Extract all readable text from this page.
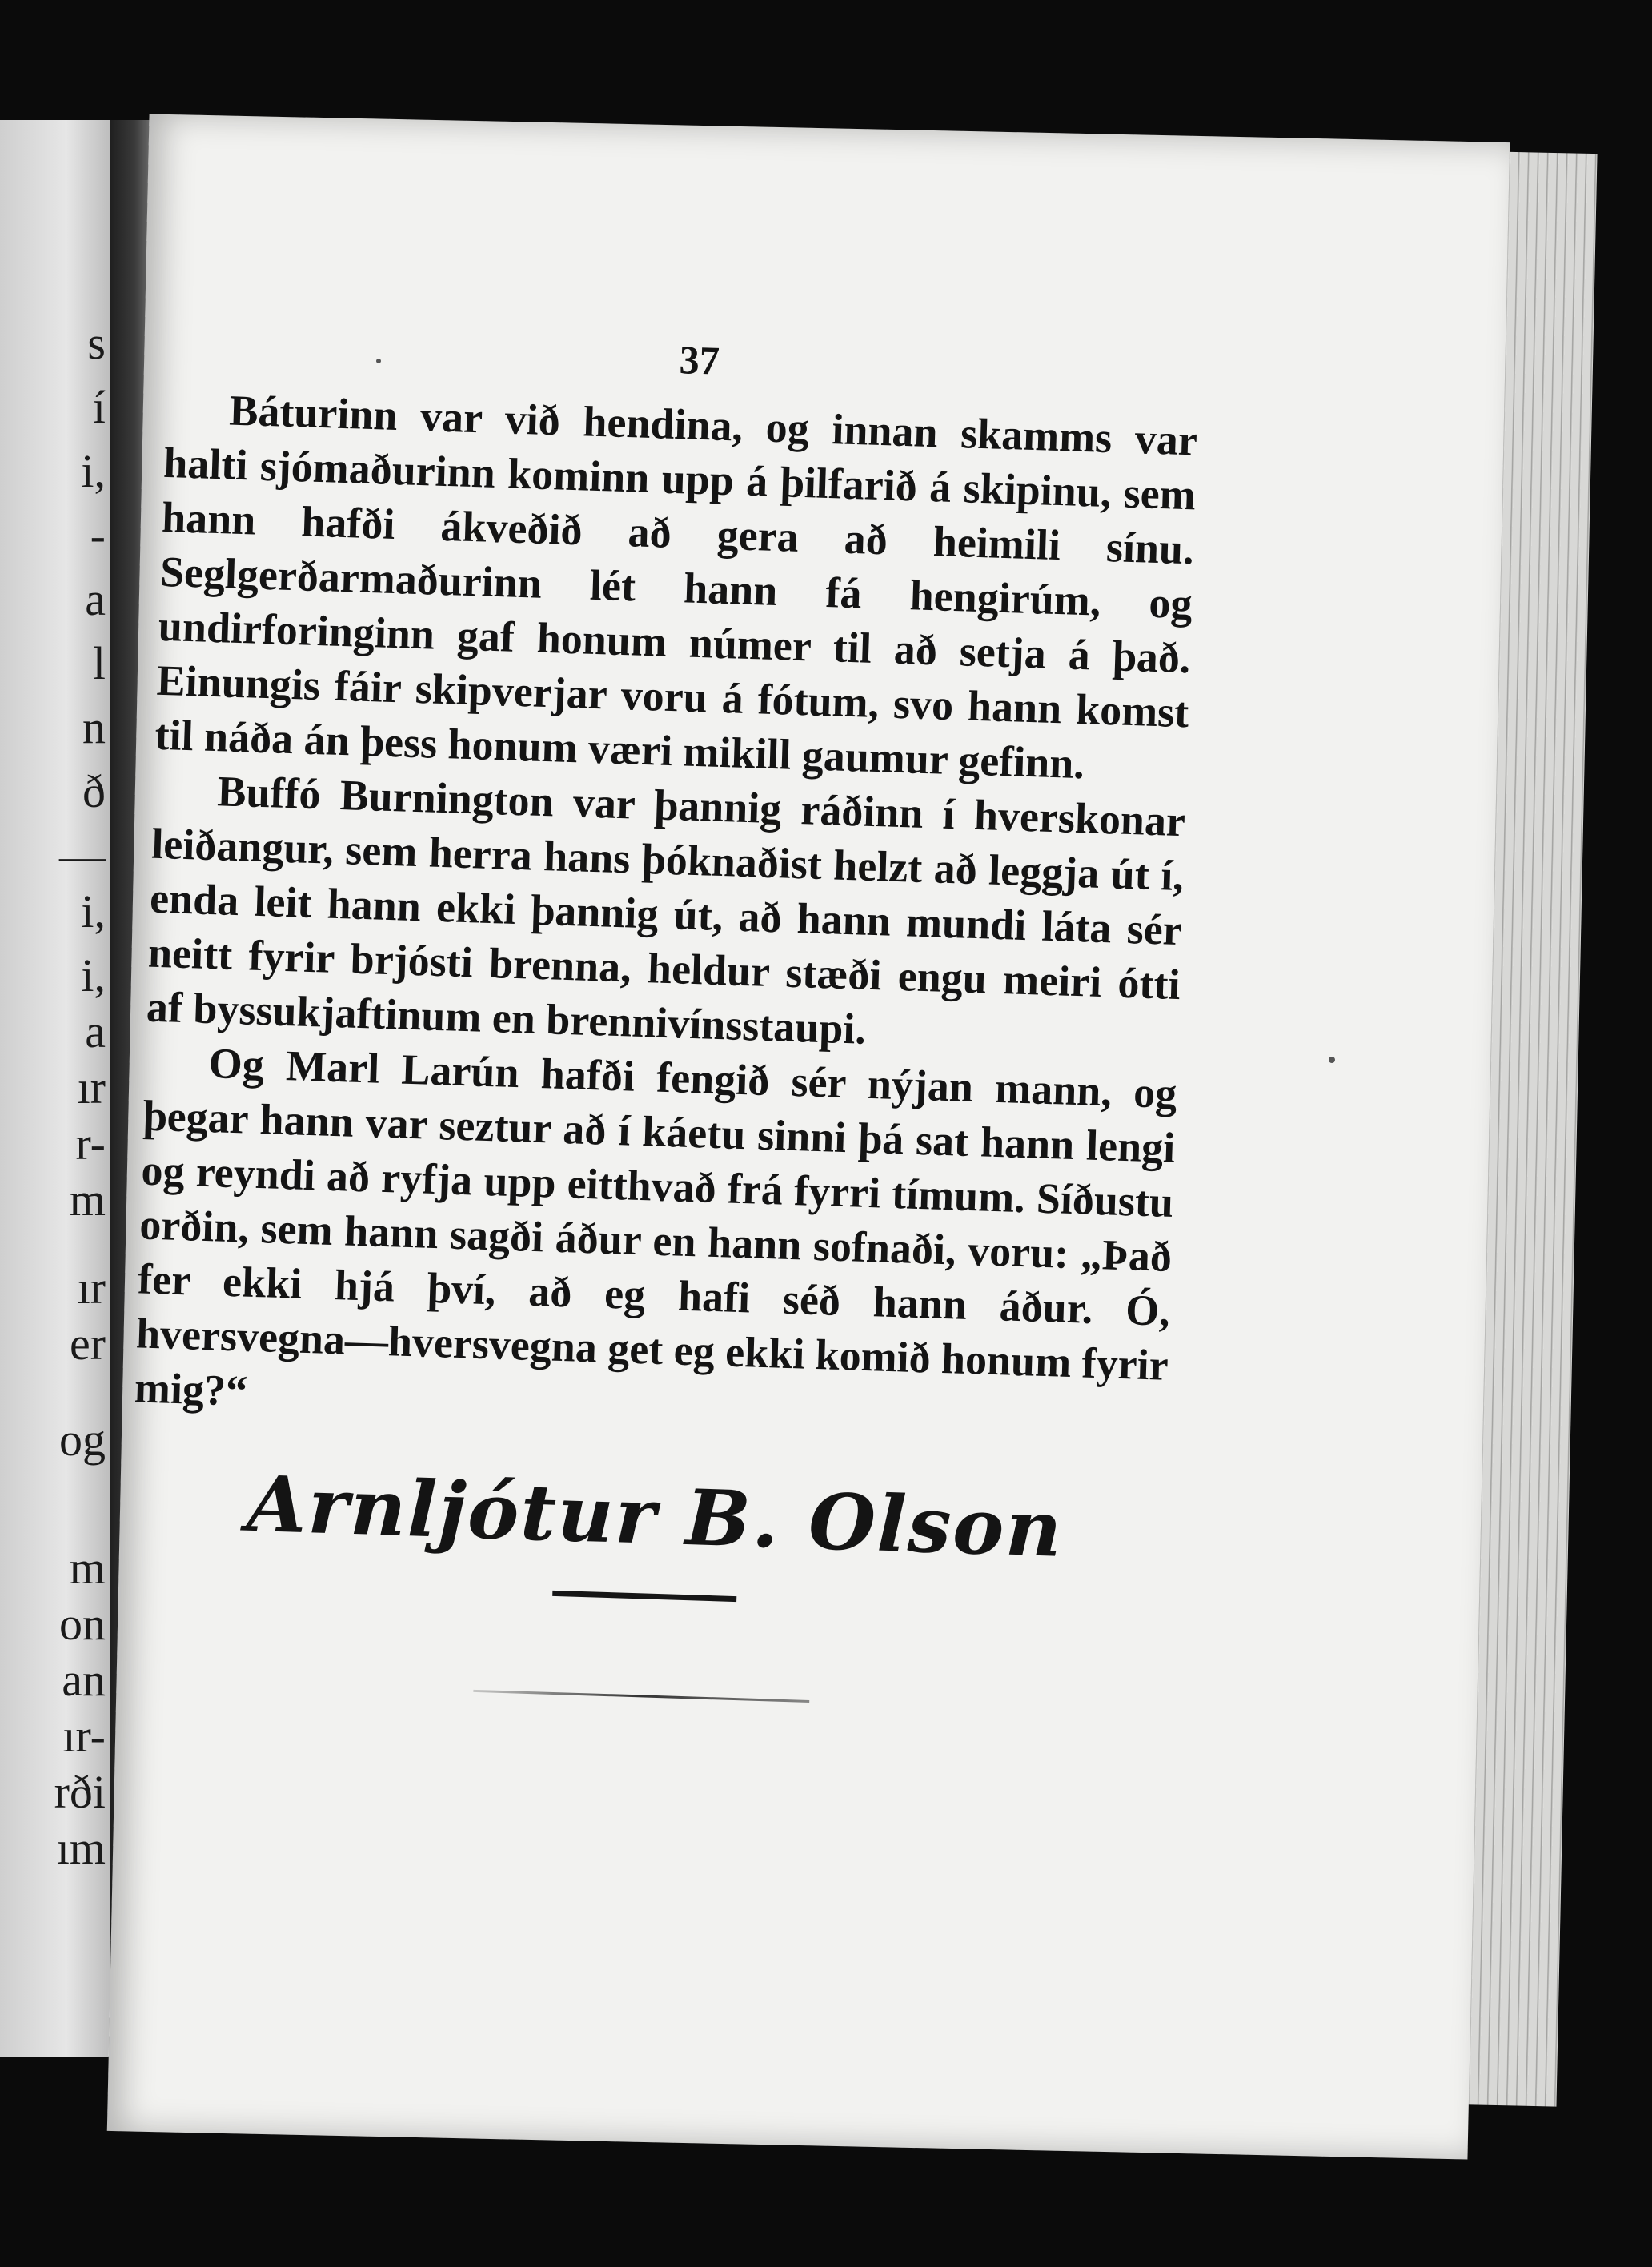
s
í
i,
-
a
l
n
ð
—
i,
i,
a
ır
r-
m
ır
er
og
m
on
an
ır-
rði
ım
37

Báturinn var við hendina, og innan skamms var halti sjómaðurinn kominn upp á þilfarið á skipinu, sem hann hafði ákveðið að gera að heimili sínu. Seglgerðarmaðurinn lét hann fá hengirúm, og undirforinginn gaf honum númer til að setja á það. Einungis fáir skipverjar voru á fótum, svo hann komst til náða án þess honum væri mikill gaumur gefinn.

Buffó Burnington var þannig ráðinn í hverskonar leiðangur, sem herra hans þóknaðist helzt að leggja út í, enda leit hann ekki þannig út, að hann mundi láta sér neitt fyrir brjósti brenna, heldur stæði engu meiri ótti af byssukjaftinum en brennivínsstaupi.

Og Marl Larún hafði fengið sér nýjan mann, og þegar hann var seztur að í káetu sinni þá sat hann lengi og reyndi að ryfja upp eitthvað frá fyrri tímum. Síðustu orðin, sem hann sagði áður en hann sofnaði, voru: „Það fer ekki hjá því, að eg hafi séð hann áður. Ó, hversvegna—hversvegna get eg ekki komið honum fyrir mig?“

Arnljótur B. Olson
